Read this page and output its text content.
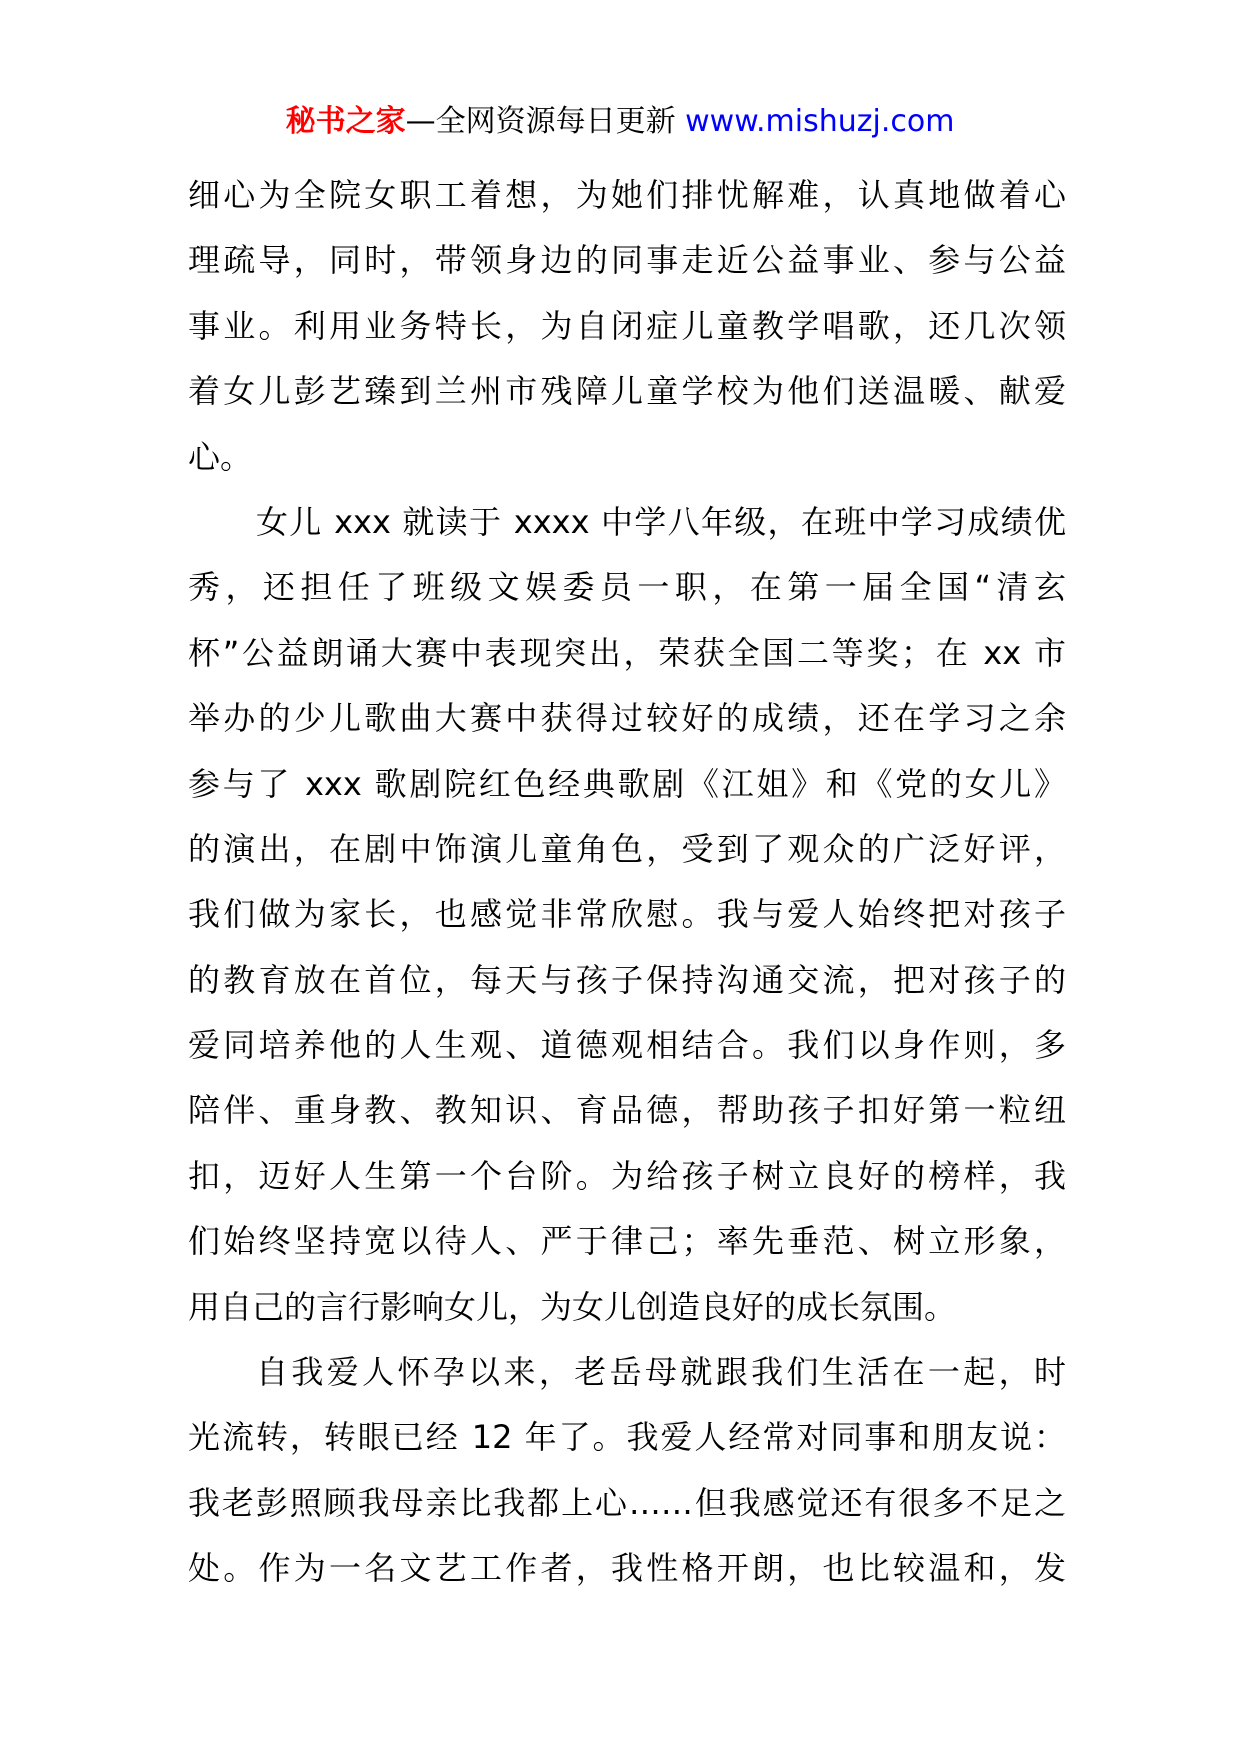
秘书之家—全网资源每日更新 www.mishuzj.com
细心为全院女职工着想，为她们排忧解难，认真地做着心
理疏导，同时，带领身边的同事走近公益事业、参与公益
事业。利用业务特长，为自闭症儿童教学唱歌，还几次领
着女儿彭艺臻到兰州市残障儿童学校为他们送温暖、献爱
心。
女儿 xxx 就读于 xxxx 中学八年级，在班中学习成绩优
秀，还担任了班级文娱委员一职，在第一届全国“清玄
杯”公益朗诵大赛中表现突出，荣获全国二等奖；在 xx 市
举办的少儿歌曲大赛中获得过较好的成绩，还在学习之余
参与了 xxx 歌剧院红色经典歌剧《江姐》和《党的女儿》
的演出，在剧中饰演儿童角色，受到了观众的广泛好评，
我们做为家长，也感觉非常欣慰。我与爱人始终把对孩子
的教育放在首位，每天与孩子保持沟通交流，把对孩子的
爱同培养他的人生观、道德观相结合。我们以身作则，多
陪伴、重身教、教知识、育品德，帮助孩子扣好第一粒纽
扣，迈好人生第一个台阶。为给孩子树立良好的榜样，我
们始终坚持宽以待人、严于律己；率先垂范、树立形象，
用自己的言行影响女儿，为女儿创造良好的成长氛围。
自我爱人怀孕以来，老岳母就跟我们生活在一起，时
光流转，转眼已经 12 年了。我爱人经常对同事和朋友说：
我老彭照顾我母亲比我都上心……但我感觉还有很多不足之
处。作为一名文艺工作者，我性格开朗，也比较温和，发
